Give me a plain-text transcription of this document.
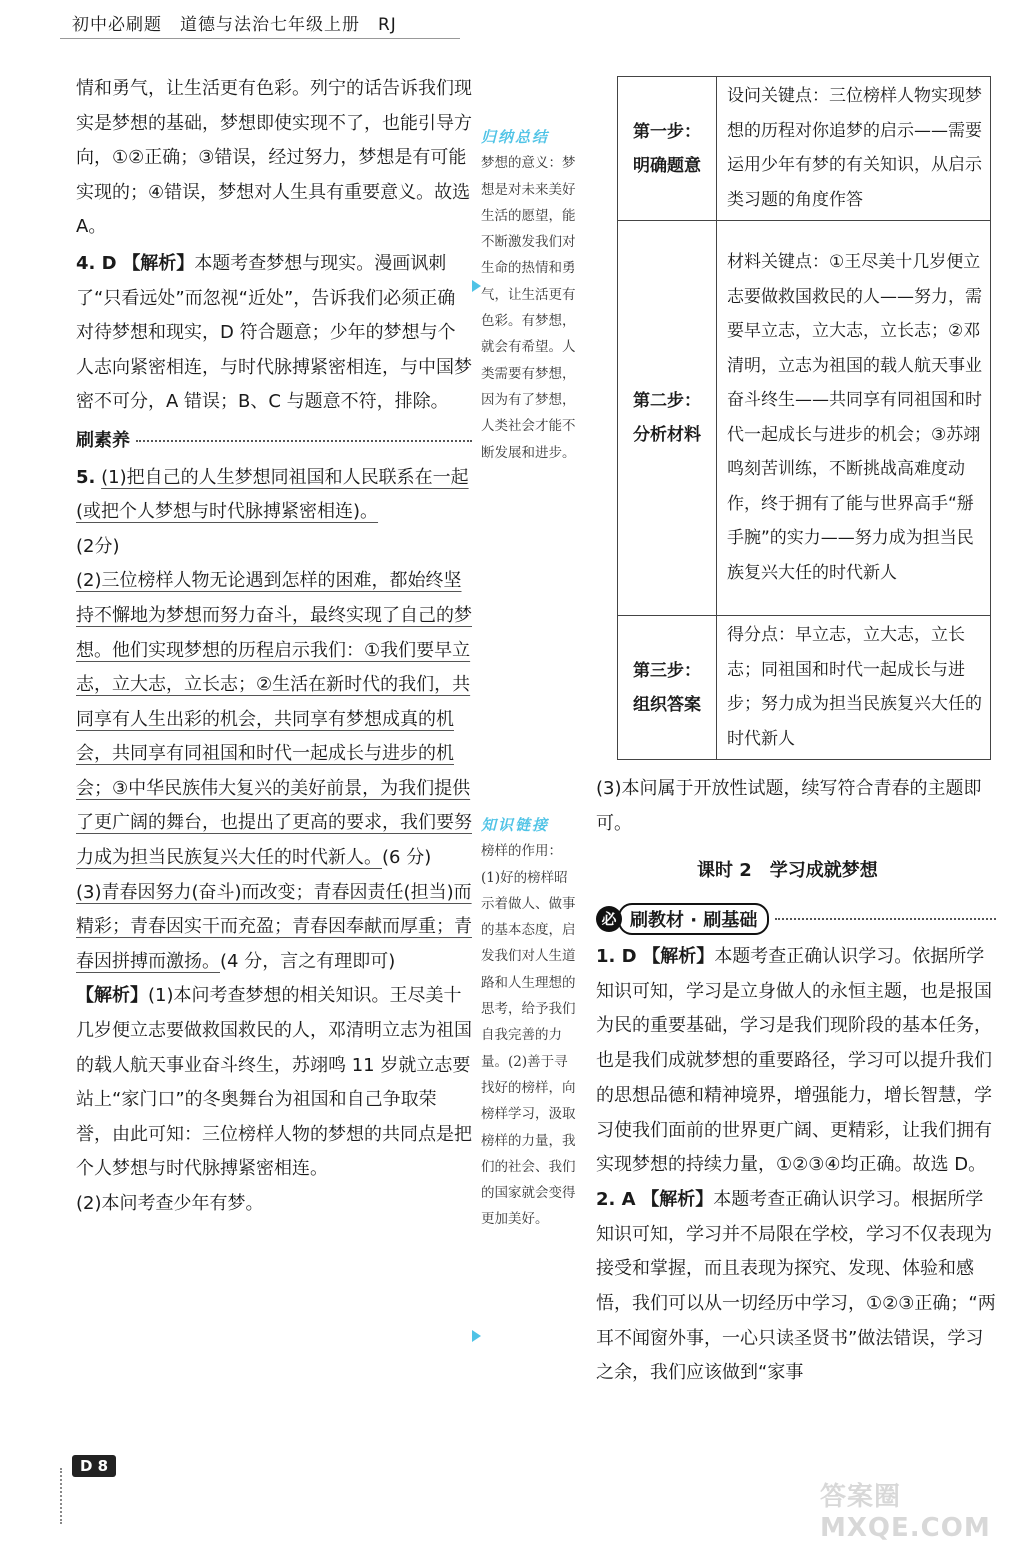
初中必刷题　道德与法治七年级上册　RJ

情和勇气，让生活更有色彩。列宁的话告诉我们现实是梦想的基础，梦想即使实现不了，也能引导方向，①②正确；③错误，经过努力，梦想是有可能实现的；④错误，梦想对人生具有重要意义。故选 A。

4. D 【解析】本题考查梦想与现实。漫画讽刺了“只看远处”而忽视“近处”，告诉我们必须正确对待梦想和现实，D 符合题意；少年的梦想与个人志向紧密相连，与时代脉搏紧密相连，与中国梦密不可分，A 错误；B、C 与题意不符，排除。

刷素养

5. (1)把自己的人生梦想同祖国和人民联系在一起(或把个人梦想与时代脉搏紧密相连)。
(2分)

(2)三位榜样人物无论遇到怎样的困难，都始终坚持不懈地为梦想而努力奋斗，最终实现了自己的梦想。他们实现梦想的历程启示我们：①我们要早立志，立大志，立长志；②生活在新时代的我们，共同享有人生出彩的机会，共同享有梦想成真的机会，共同享有同祖国和时代一起成长与进步的机会；③中华民族伟大复兴的美好前景，为我们提供了更广阔的舞台，也提出了更高的要求，我们要努力成为担当民族复兴大任的时代新人。(6 分)

(3)青春因努力(奋斗)而改变；青春因责任(担当)而精彩；青春因实干而充盈；青春因奉献而厚重；青春因拼搏而激扬。(4 分，言之有理即可)

【解析】(1)本问考查梦想的相关知识。王尽美十几岁便立志要做救国救民的人，邓清明立志为祖国的载人航天事业奋斗终生，苏翊鸣 11 岁就立志要站上“家门口”的冬奥舞台为祖国和自己争取荣誉，由此可知：三位榜样人物的梦想的共同点是把个人梦想与时代脉搏紧密相连。

(2)本问考查少年有梦。

归纳总结
梦想的意义：梦想是对未来美好生活的愿望，能不断激发我们对生命的热情和勇气，让生活更有色彩。有梦想，就会有希望。人类需要有梦想，因为有了梦想，人类社会才能不断发展和进步。
知识链接
榜样的作用：(1)好的榜样昭示着做人、做事的基本态度，启发我们对人生道路和人生理想的思考，给予我们自我完善的力量。(2)善于寻找好的榜样，向榜样学习，汲取榜样的力量，我们的社会、我们的国家就会变得更加美好。
第一步：
明确题意	设问关键点：三位榜样人物实现梦想的历程对你追梦的启示——需要运用少年有梦的有关知识，从启示类习题的角度作答
第二步：
分析材料	材料关键点：①王尽美十几岁便立志要做救国救民的人——努力，需要早立志，立大志，立长志；②邓清明，立志为祖国的载人航天事业奋斗终生——共同享有同祖国和时代一起成长与进步的机会；③苏翊鸣刻苦训练，不断挑战高难度动作，终于拥有了能与世界高手“掰手腕”的实力——努力成为担当民族复兴大任的时代新人
第三步：
组织答案	得分点：早立志，立大志，立长志；同祖国和时代一起成长与进步；努力成为担当民族复兴大任的时代新人
(3)本问属于开放性试题，续写符合青春的主题即可。
课时 2　学习成就梦想
必 刷教材 · 刷基础

1. D 【解析】本题考查正确认识学习。依据所学知识可知，学习是立身做人的永恒主题，也是报国为民的重要基础，学习是我们现阶段的基本任务，也是我们成就梦想的重要路径，学习可以提升我们的思想品德和精神境界，增强能力，增长智慧，学习使我们面前的世界更广阔、更精彩，让我们拥有实现梦想的持续力量，①②③④均正确。故选 D。

2. A 【解析】本题考查正确认识学习。根据所学知识可知，学习并不局限在学校，学习不仅表现为接受和掌握，而且表现为探究、发现、体验和感悟，我们可以从一切经历中学习，①②③正确；“两耳不闻窗外事，一心只读圣贤书”做法错误，学习之余，我们应该做到“家事

D 8
答案圈 MXQE.COM
